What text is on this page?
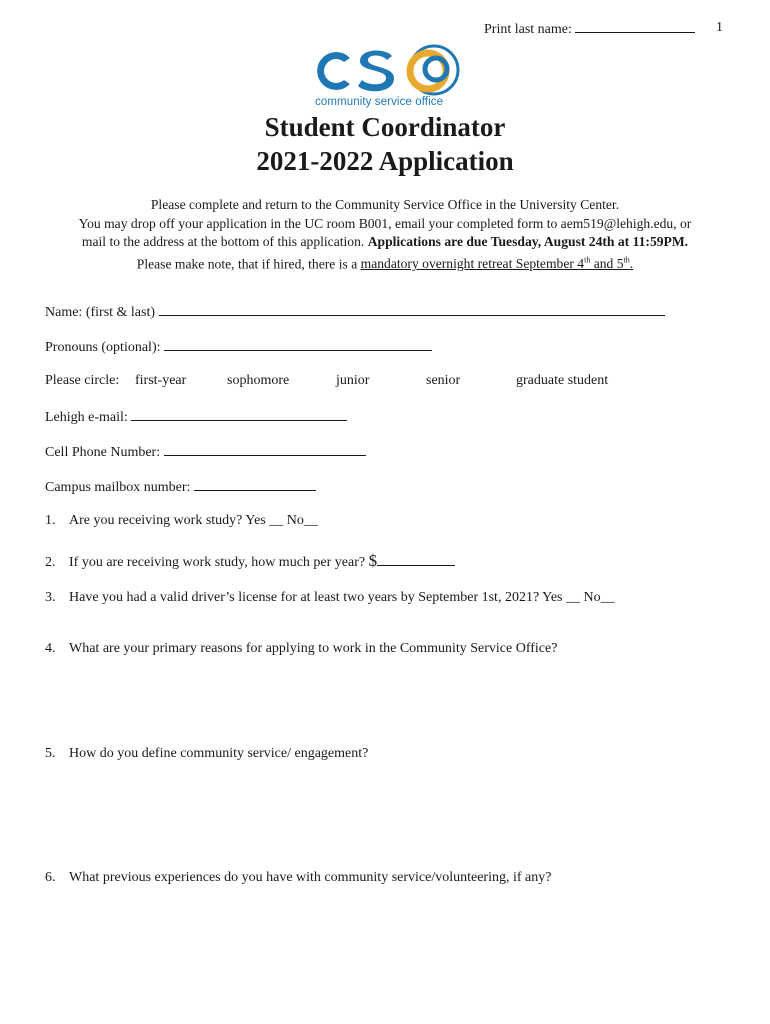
Print last name:	1
community service office
Student Coordinator
2021-2022 Application
Please complete and return to the Community Service Office in the University Center.
You may drop off your application in the UC room B001, email your completed form to aem519@lehigh.edu, or
mail to the address at the bottom of this application. Applications are due Tuesday, August 24th at 11:59PM.
Please make note, that if hired, there is a mandatory overnight retreat September 4th and 5th.
Name: (first & last)
Pronouns (optional):
Please circle: first-year	sophomore	junior	senior	graduate student
Lehigh e-mail:
Cell Phone Number:
Campus mailbox number:
1. Are you receiving work study? Yes __ No__
2. If you are receiving work study, how much per year? $
3. Have you had a valid driver’s license for at least two years by September 1st, 2021? Yes __ No__
4. What are your primary reasons for applying to work in the Community Service Office?
5. How do you define community service/ engagement?
6. What previous experiences do you have with community service/volunteering, if any?
